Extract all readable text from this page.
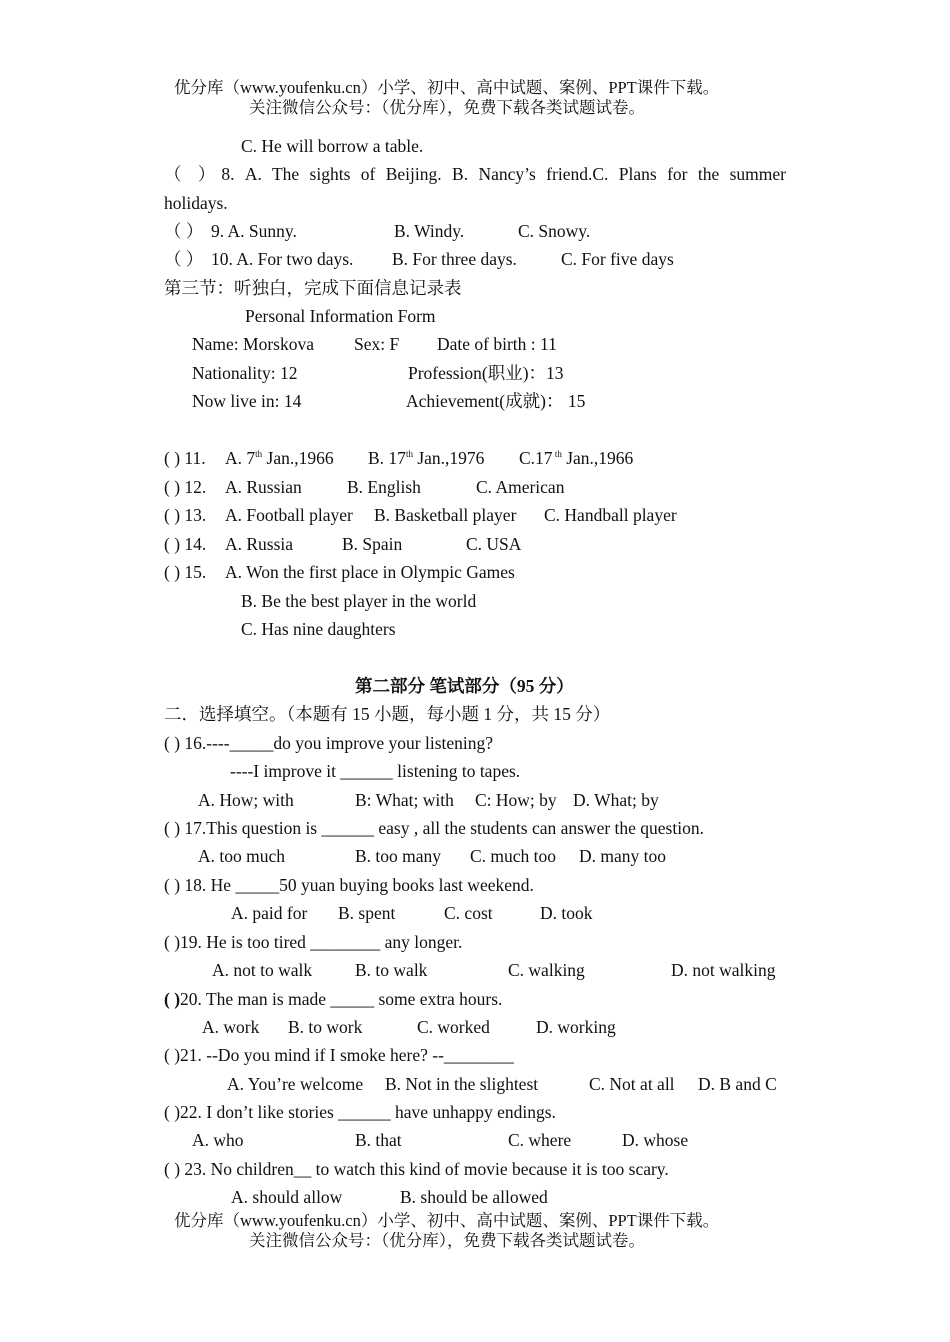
优分库（www.youfenku.cn）小学、初中、高中试题、案例、PPT课件下载。
关注微信公众号：（优分库），免费下载各类试题试卷。
C. He will borrow a table.
（ ）8. A. The sights of Beijing. B. Nancy’s friend.C. Plans for the summer
holidays.
（ ） 9. A. Sunny.	B. Windy.	C. Snowy.
（ ） 10. A. For two days. B. For three days.	C. For five days
第三节：听独白，完成下面信息记录表
Personal Information Form
Name: Morskova Sex: F Date of birth : 11
Nationality: 12	Profession(职业)：13
Now live in: 14	Achievement(成就)： 15
( ) 11. A. 7th Jan.,1966 B. 17th Jan.,1976 C.17 $^{th}$ Jan.,1966
( ) 12. A. Russian	B. English	C. American
( ) 13. A. Football player B. Basketball player C. Handball player
( ) 14. A. Russia	B. Spain	C. USA
( ) 15. A. Won the first place in Olympic Games
B. Be the best player in the world
C. Has nine daughters
第二部分 笔试部分（95 分）
二．选择填空。（本题有 15 小题，每小题 1 分，共 15 分）
( ) 16.----_____do you improve your listening?
----I improve it ______ listening to tapes.
A. How; with	B: What; with C: How; by D. What; by
( ) 17.This question is ______ easy , all the students can answer the question.
A. too much	B. too many C. much too D. many too
( ) 18. He _____50 yuan buying books last weekend.
A. paid for B. spent	C. cost	D. took
( )19. He is too tired ________ any longer.
A. not to walk B. to walk	C. walking	D. not walking
( )20. The man is made _____ some extra hours.
A. work B. to work	C. worked	D. working
( )21. --Do you mind if I smoke here? --________
A. You’re welcome B. Not in the slightest	C. Not at all D. B and C
( )22. I don’t like stories ______ have unhappy endings.
A. who	B. that	C. where	D. whose
( ) 23. No children__ to watch this kind of movie because it is too scary.
A. should allow	B. should be allowed
优分库（www.youfenku.cn）小学、初中、高中试题、案例、PPT课件下载。
关注微信公众号：（优分库），免费下载各类试题试卷。
